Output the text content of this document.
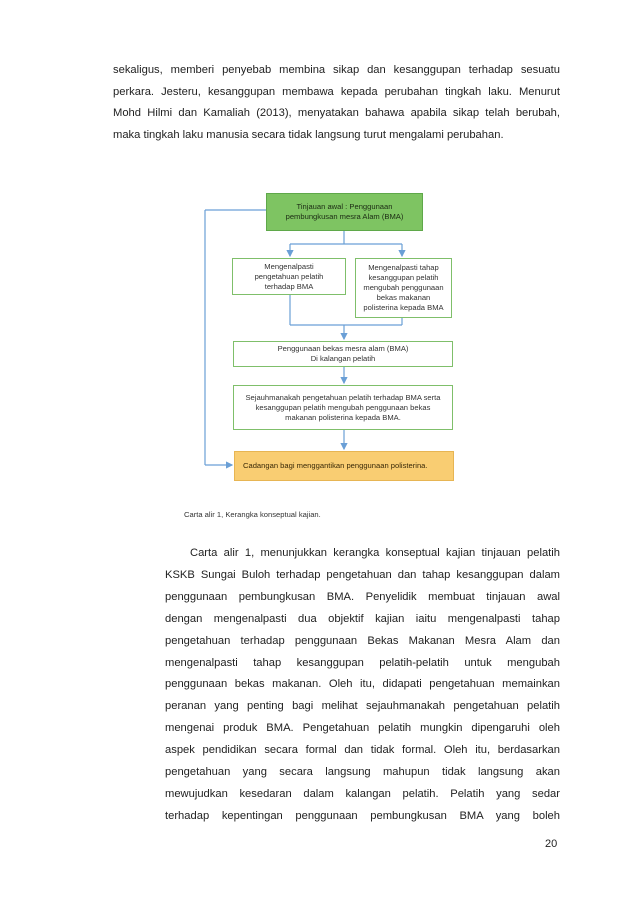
sekaligus, memberi penyebab membina sikap dan kesanggupan terhadap sesuatu
perkara. Jesteru, kesanggupan membawa kepada perubahan tingkah laku. Menurut
Mohd Hilmi dan Kamaliah (2013), menyatakan bahawa apabila sikap telah berubah,
maka tingkah laku manusia secara tidak langsung turut mengalami perubahan.
Tinjauan awal : Penggunaan
pembungkusan mesra Alam (BMA)
Mengenalpasti
pengetahuan pelatih
terhadap BMA
Mengenalpasti tahap
kesanggupan pelatih
mengubah penggunaan
bekas makanan
polisterina kepada BMA
Penggunaan bekas mesra alam (BMA)
Di kalangan pelatih
Sejauhmanakah pengetahuan pelatih terhadap BMA serta
kesanggupan pelatih mengubah penggunaan bekas
makanan polisterina kepada BMA.
Cadangan bagi menggantikan penggunaan polisterina.
Carta alir 1, Kerangka konseptual kajian.
Carta alir 1, menunjukkan kerangka konseptual kajian tinjauan pelatih
KSKB Sungai Buloh terhadap pengetahuan dan tahap kesanggupan dalam
penggunaan pembungkusan BMA. Penyelidik membuat tinjauan awal
dengan mengenalpasti dua objektif kajian iaitu mengenalpasti tahap
pengetahuan terhadap penggunaan Bekas Makanan Mesra Alam dan
mengenalpasti tahap kesanggupan pelatih-pelatih untuk mengubah
penggunaan bekas makanan. Oleh itu, didapati pengetahuan memainkan
peranan yang penting bagi melihat sejauhmanakah pengetahuan pelatih
mengenai produk BMA. Pengetahuan pelatih mungkin dipengaruhi oleh
aspek pendidikan secara formal dan tidak formal. Oleh itu, berdasarkan
pengetahuan yang secara langsung mahupun tidak langsung akan
mewujudkan kesedaran dalam kalangan pelatih. Pelatih yang sedar
terhadap kepentingan penggunaan pembungkusan BMA yang boleh
20
